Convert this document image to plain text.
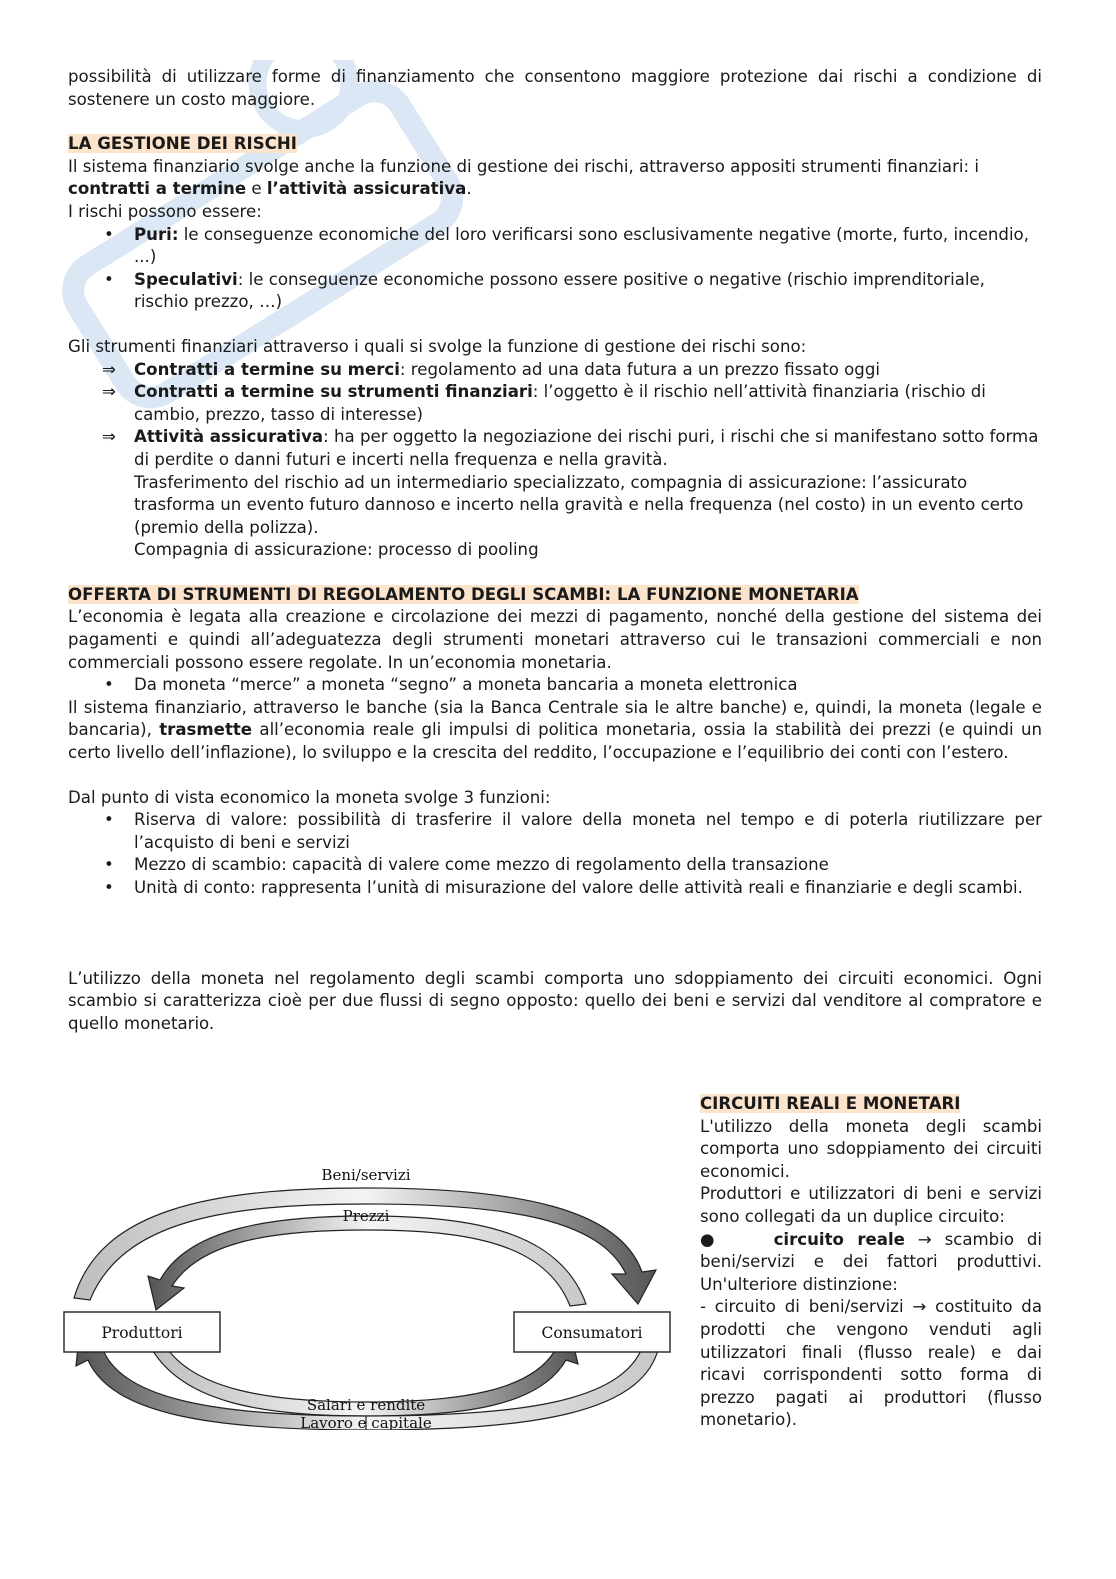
possibilità di utilizzare forme di finanziamento che consentono maggiore protezione dai rischi a condizione di sostenere un costo maggiore.

LA GESTIONE DEI RISCHI

Il sistema finanziario svolge anche la funzione di gestione dei rischi, attraverso appositi strumenti finanziari: i contratti a termine e l’attività assicurativa.

I rischi possono essere:

• Puri: le conseguenze economiche del loro verificarsi sono esclusivamente negative (morte, furto, incendio, ...)
• Speculativi: le conseguenze economiche possono essere positive o negative (rischio imprenditoriale, rischio prezzo, …)

Gli strumenti finanziari attraverso i quali si svolge la funzione di gestione dei rischi sono:

⇒ Contratti a termine su merci: regolamento ad una data futura a un prezzo fissato oggi
⇒ Contratti a termine su strumenti finanziari: l’oggetto è il rischio nell’attività finanziaria (rischio di cambio, prezzo, tasso di interesse)
⇒ Attività assicurativa: ha per oggetto la negoziazione dei rischi puri, i rischi che si manifestano sotto forma di perdite o danni futuri e incerti nella frequenza e nella gravità.

Trasferimento del rischio ad un intermediario specializzato, compagnia di assicurazione: l’assicurato trasforma un evento futuro dannoso e incerto nella gravità e nella frequenza (nel costo) in un evento certo (premio della polizza).

Compagnia di assicurazione: processo di pooling

OFFERTA DI STRUMENTI DI REGOLAMENTO DEGLI SCAMBI: LA FUNZIONE MONETARIA

L’economia è legata alla creazione e circolazione dei mezzi di pagamento, nonché della gestione del sistema dei pagamenti e quindi all’adeguatezza degli strumenti monetari attraverso cui le transazioni commerciali e non commerciali possono essere regolate. In un’economia monetaria.

• Da moneta “merce” a moneta “segno” a moneta bancaria a moneta elettronica

Il sistema finanziario, attraverso le banche (sia la Banca Centrale sia le altre banche) e, quindi, la moneta (legale e bancaria), trasmette all’economia reale gli impulsi di politica monetaria, ossia la stabilità dei prezzi (e quindi un certo livello dell’inflazione), lo sviluppo e la crescita del reddito, l’occupazione e l’equilibrio dei conti con l’estero.

Dal punto di vista economico la moneta svolge 3 funzioni:

• Riserva di valore: possibilità di trasferire il valore della moneta nel tempo e di poterla riutilizzare per l’acquisto di beni e servizi
• Mezzo di scambio: capacità di valere come mezzo di regolamento della transazione
• Unità di conto: rappresenta l’unità di misurazione del valore delle attività reali e finanziarie e degli scambi.

L’utilizzo della moneta nel regolamento degli scambi comporta uno sdoppiamento dei circuiti economici. Ogni scambio si caratterizza cioè per due flussi di segno opposto: quello dei beni e servizi dal venditore al compratore e quello monetario.

Beni/servizi
Prezzi
Produttori	Consumatori
Salari e rendite
Lavoro e capitale

CIRCUITI REALI E MONETARI

L'utilizzo della moneta degli scambi comporta uno sdoppiamento dei circuiti economici.

Produttori e utilizzatori di beni e servizi sono collegati da un duplice circuito:

●	circuito reale → scambio di beni/servizi e dei fattori produttivi. Un'ulteriore distinzione:

- circuito di beni/servizi → costituito da prodotti che vengono venduti agli utilizzatori finali (flusso reale) e dai ricavi corrispondenti sotto forma di prezzo pagati ai produttori (flusso monetario).
